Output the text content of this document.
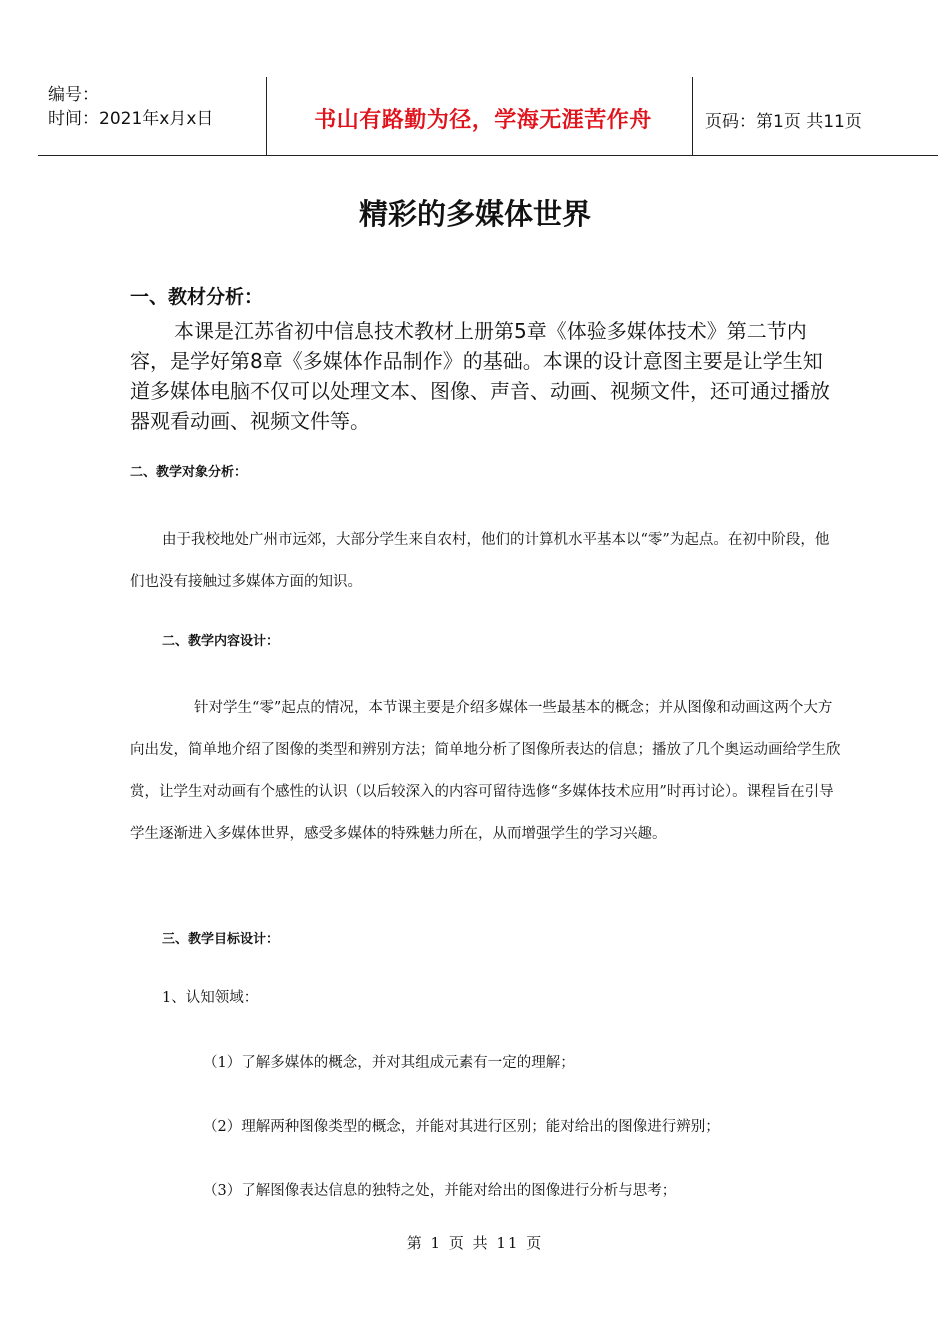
编号：
时间：2021年x月x日	书山有路勤为径，学海无涯苦作舟	页码：第1页 共11页
精彩的多媒体世界
一、教材分析：

本课是江苏省初中信息技术教材上册第5章《体验多媒体技术》第二节内容，是学好第8章《多媒体作品制作》的基础。本课的设计意图主要是让学生知道多媒体电脑不仅可以处理文本、图像、声音、动画、视频文件，还可通过播放器观看动画、视频文件等。

二、教学对象分析：

由于我校地处广州市远郊，大部分学生来自农村，他们的计算机水平基本以“零”为起点。在初中阶段，他们也没有接触过多媒体方面的知识。

二、教学内容设计：

针对学生“零”起点的情况，本节课主要是介绍多媒体一些最基本的概念；并从图像和动画这两个大方向出发，简单地介绍了图像的类型和辨别方法；简单地分析了图像所表达的信息；播放了几个奥运动画给学生欣赏，让学生对动画有个感性的认识（以后较深入的内容可留待选修“多媒体技术应用”时再讨论）。课程旨在引导学生逐渐进入多媒体世界，感受多媒体的特殊魅力所在，从而增强学生的学习兴趣。

三、教学目标设计：
1、认知领域：
（1）了解多媒体的概念，并对其组成元素有一定的理解；
（2）理解两种图像类型的概念，并能对其进行区别；能对给出的图像进行辨别；
（3）了解图像表达信息的独特之处，并能对给出的图像进行分析与思考；
第 1 页 共 11 页
